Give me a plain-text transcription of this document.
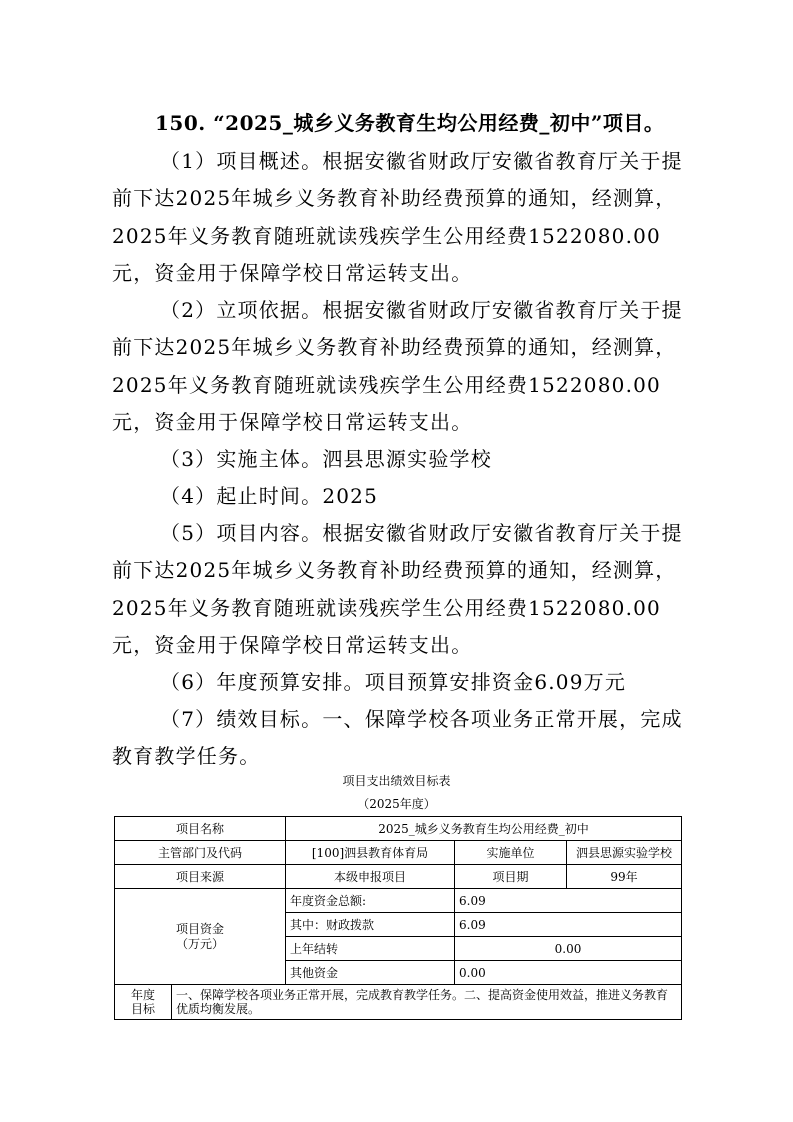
150. “2025_城乡义务教育生均公用经费_初中”项目。

（1）项目概述。根据安徽省财政厅安徽省教育厅关于提前下达2025年城乡义务教育补助经费预算的通知，经测算，2025年义务教育随班就读残疾学生公用经费1522080.00元，资金用于保障学校日常运转支出。

（2）立项依据。根据安徽省财政厅安徽省教育厅关于提前下达2025年城乡义务教育补助经费预算的通知，经测算，2025年义务教育随班就读残疾学生公用经费1522080.00元，资金用于保障学校日常运转支出。

（3）实施主体。泗县思源实验学校

（4）起止时间。2025

（5）项目内容。根据安徽省财政厅安徽省教育厅关于提前下达2025年城乡义务教育补助经费预算的通知，经测算，2025年义务教育随班就读残疾学生公用经费1522080.00元，资金用于保障学校日常运转支出。

（6）年度预算安排。项目预算安排资金6.09万元

（7）绩效目标。一、保障学校各项业务正常开展，完成教育教学任务。

项目支出绩效目标表
（2025年度）
项目名称		2025_城乡义务教育生均公用经费_初中		
主管部门及代码		[100]泗县教育体育局	实施单位	泗县思源实验学校
项目来源		本级申报项目	项目期	99年
项目资金
（万元）		年度资金总额:	6.09	
		其中：财政拨款	6.09	
		上年结转	0.00	
		其他资金	0.00	
年度
目标	一、保障学校各项业务正常开展，完成教育教学任务。二、提高资金使用效益，推进义务教育优质均衡发展。			
